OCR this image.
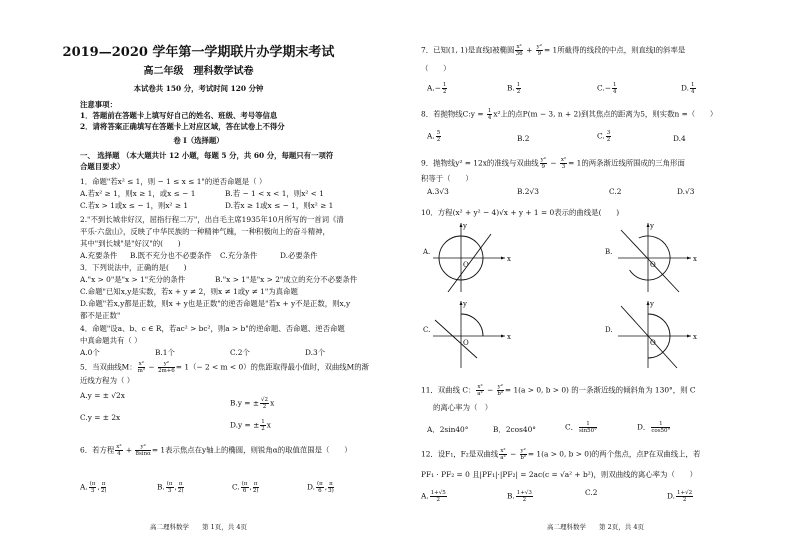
2019—2020 学年第一学期联片办学期末考试
高二年级　理科数学试卷
本试卷共 150 分，考试时间 120 分钟
注意事项：
1．答题前在答题卡上填写好自己的姓名、班级、考号等信息
2．请将答案正确填写在答题卡上对应区域，答在试卷上不得分
卷 I（选择题）
一、 选择题 （本大题共计 12 小题，每题 5 分，共 60 分，每题只有一项符
合题目要求）
1．命题"若x² ≤ 1，则 − 1 ≤ x ≤ 1"的逆否命题是（ ）
A.若x² ≥ 1，则x ≥ 1，或x ≤ − 1	B.若 − 1 < x < 1，则x² < 1
C.若x > 1或x ≤ − 1，则x² ≥ 1	D.若x ≥ 1或x ≤ − 1，则x² ≥ 1
2."不到长城非好汉，屈指行程二万"，出自毛主席1935年10月所写的一首词《清
平乐·六盘山》，反映了中华民族的一种精神气魄，一种积极向上的奋斗精神，
其中"到长城"是"好汉"的(　　)
A.充要条件 B.既不充分也不必要条件 C.充分条件	D.必要条件
3．下列说法中，正确的是(　　)
A."x > 0"是"x > 1"充分的条件	B."x > 1"是"x > 2"成立的充分不必要条件
C.命题"已知x,y是实数，若x + y ≠ 2，则x ≠ 1或y ≠ 1"为真命题
D.命题"若x,y都是正数，则x + y也是正数"的逆否命题是"若x + y不是正数，则x,y
都不是正数"
4．命题"设a、b、c ∈ R，若ac² > bc²，则a > b"的逆命题、否命题、逆否命题
中真命题共有（ ）
A.0个	B.1个	C.2个	D.3个
5．当双曲线M： $\frac{\text{x²}}{\text{m²}} - \frac{\text{y²}}{2m+6} = 1(- 2 < m < 0)$的焦距取得最小值时，双曲线M的渐
近线方程为（ ）
A.y = ± √2x
B.y = ± $\frac{√2}{2}$ x
C.y = ± 2x
D.y = ± $\frac{1}{2}$ x
6．若方程 $\frac{\text{x²}}{4} + \frac{\text{y²}}{8\sin\alpha} = 1$表示焦点在y轴上的椭圆，则锐角α的取值范围是（　　）
A. $\frac{(\pi}{3}$ , $\frac{\pi}{2)}$	B. $\frac{(\pi}{3}$ , $\frac{\pi}{2)}$	C. $\frac{(\pi}{6}$ , $\frac{\pi}{2)}$	D. $\frac{(\pi}{6}$ , $\frac{\pi}{3)}$
高二理科数学　　第 1页，共 4页
7．已知(1, 1)是直线l被椭圆 $\frac{\text{x²}}{36} + \frac{\text{y²}}{9} = 1$所截得的线段的中点，则直线l的斜率是
（　　）
$A.- \frac{1}{2}$	B. $\frac{1}{2}$	$C.- \frac{1}{4}$	D. $\frac{1}{4}$
8．若抛物线C:y = $\frac{1}{4} x^2$上的点P(m − 3, n + 2)到其焦点的距离为5，则实数n =（　　）
A. $\frac{5}{2}$	B.2	C. $\frac{3}{2}$	D.4
9．抛物线y² = 12x的准线与双曲线 $\frac{\text{y²}}{9} - \frac{\text{x²}}{3} = 1$的两条渐近线所围成的三角形面
积等于（　　）
A.3√3	B.2√3	C.2	D.√3
10．方程(x² + y² − 4)√x + y + 1 = 0表示的曲线是(　　)
A.
x
y
O
B.
x
y
O
C.
x
y
O
D.
x
y
O
11．双曲线 C： $\frac{\text{x²}}{\text{a²}} - \frac{\text{y²}}{\text{b²}} = 1(a > 0$, b > 0) 的一条渐近线的倾斜角为 130°，则 C
的离心率为（　）
A．2sin40°	B．2cos40°	C． $\frac{1}{\sin 50^\circ}$	D． $\frac{1}{\cos 50^\circ}$
12．设F₁，F₂是双曲线 $\frac{\text{x²}}{\text{a²}} - \frac{\text{y²}}{\text{b²}} = 1(a > 0$, b > 0)的两个焦点，点P在双曲线上，若
PF₁ · PF₂ = 0 且|PF₁|·|PF₂| = 2ac(c = √a² + b²)，则双曲线的离心率为（　　）
A. $\frac{1+√5}{2}$	B. $\frac{1+√3}{2}$	C.2	D. $\frac{1+√2}{2}$
高二理科数学　　第 2页，共 4页
